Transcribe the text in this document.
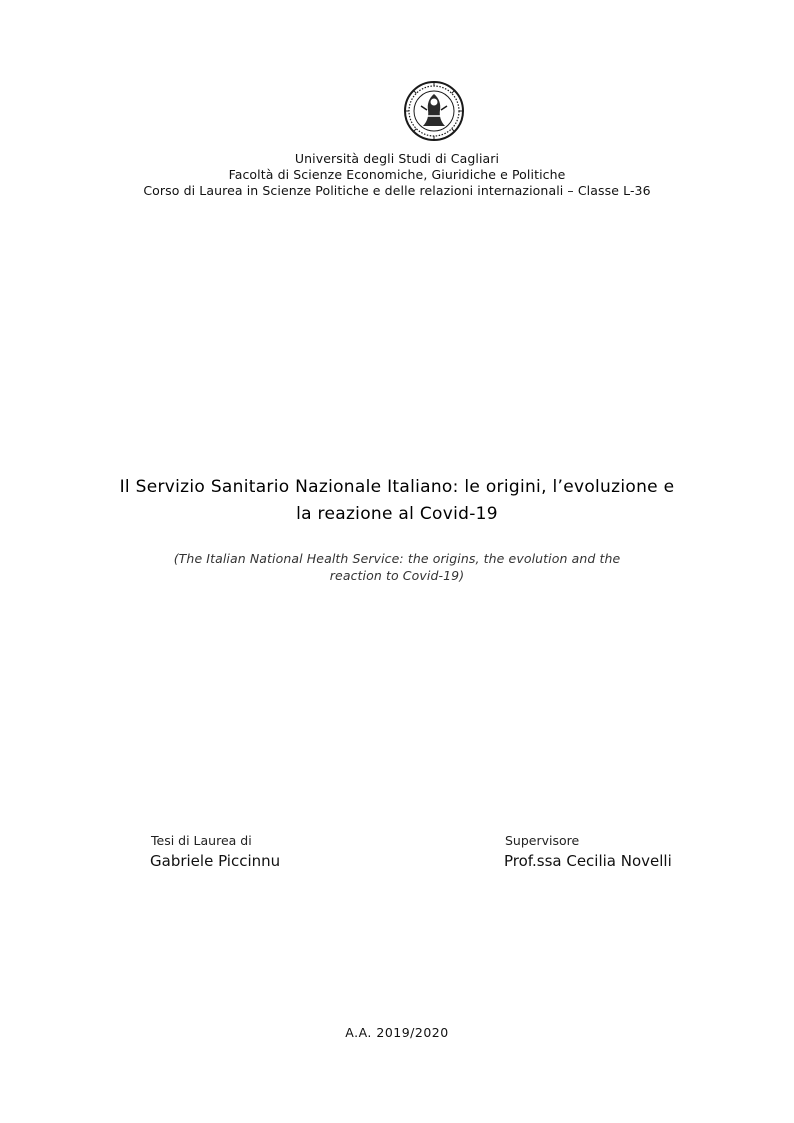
Università degli Studi di Cagliari
Facoltà di Scienze Economiche, Giuridiche e Politiche
Corso di Laurea in Scienze Politiche e delle relazioni internazionali – Classe L-36
Il Servizio Sanitario Nazionale Italiano: le origini, l’evoluzione e
la reazione al Covid-19
(The Italian National Health Service: the origins, the evolution and the
reaction to Covid-19)
Tesi di Laurea di
Gabriele Piccinnu
Supervisore
Prof.ssa Cecilia Novelli
A.A. 2019/2020
